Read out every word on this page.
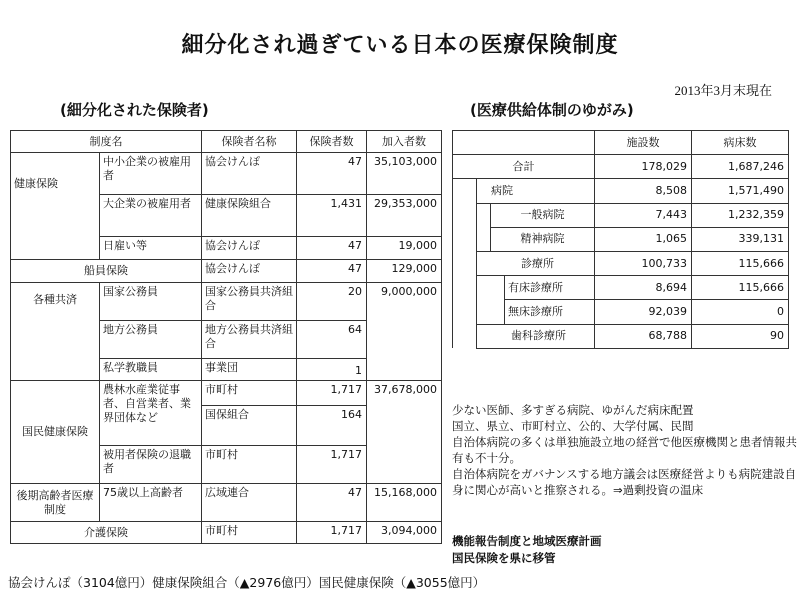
細分化され過ぎている日本の医療保険制度
2013年3月末現在
(細分化された保険者)	(医療供給体制のゆがみ)
制度名		保険者名称	保険者数	加入者数
健康保険	中小企業の被雇用者	協会けんぽ	47	35,103,000
	大企業の被雇用者	健康保険組合	1,431	29,353,000
	日雇い等	協会けんぽ	47	19,000
船員保険		協会けんぽ	47	129,000
各種共済	国家公務員	国家公務員共済組合	20	9,000,000
	地方公務員	地方公務員共済組合	64	
	私学教職員	事業団	1	
国民健康保険	農林水産業従事者、自営業者、業界団体など	市町村	1,717	37,678,000
		国保組合	164	
	被用者保険の退職者	市町村	1,717	
後期高齢者医療制度	75歳以上高齢者	広域連合	47	15,168,000
介護保険		市町村	1,717	3,094,000
				施設数	病床数
合計				178,029	1,687,246
	病院			8,508	1,571,490
		一般病院		7,443	1,232,359
		精神病院		1,065	339,131
	診療所			100,733	115,666
			有床診療所	8,694	115,666
			無床診療所	92,039	0
	歯科診療所			68,788	90

少ない医師、多すぎる病院、ゆがんだ病床配置

国立、県立、市町村立、公的、大学付属、民間

自治体病院の多くは単独施設立地の経営で他医療機関と患者情報共有も不十分。

自治体病院をガバナンスする地方議会は医療経営よりも病院建設自身に関心が高いと推察される。⇒過剰投資の温床

機能報告制度と地域医療計画
国民保険を県に移管
協会けんぽ（3104億円）健康保険組合（▲2976億円）国民健康保険（▲3055億円）
